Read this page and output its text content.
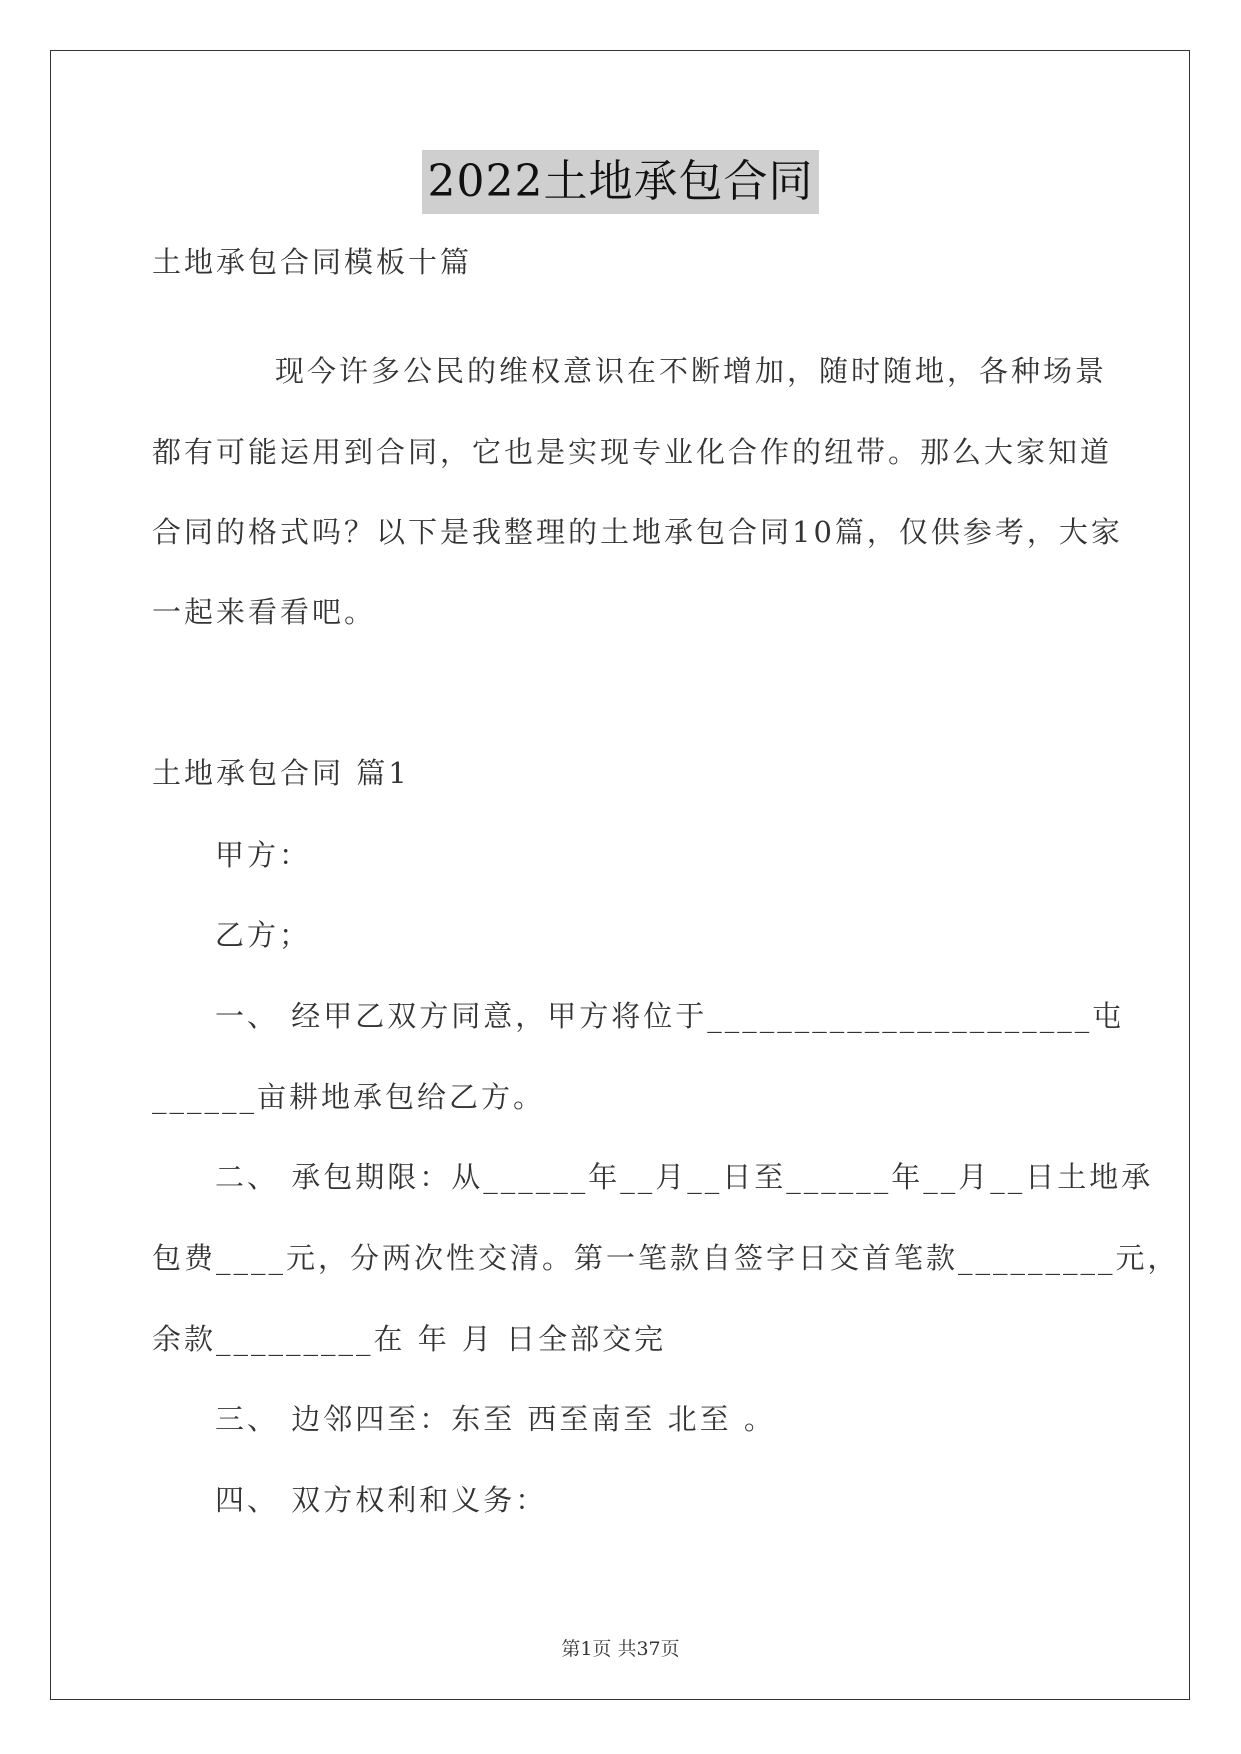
2022土地承包合同
土地承包合同模板十篇
现今许多公民的维权意识在不断增加，随时随地，各种场景
都有可能运用到合同，它也是实现专业化合作的纽带。那么大家知道
合同的格式吗？以下是我整理的土地承包合同10篇，仅供参考，大家
一起来看看吧。
土地承包合同 篇1
甲方：
乙方；
一、 经甲乙双方同意，甲方将位于______________________屯
______亩耕地承包给乙方。
二、 承包期限：从______年__月__日至______年__月__日土地承
包费____元，分两次性交清。第一笔款自签字日交首笔款_________元，
余款_________在 年 月 日全部交完
三、 边邻四至：东至 西至南至 北至 。
四、 双方权利和义务：
第1页 共37页
